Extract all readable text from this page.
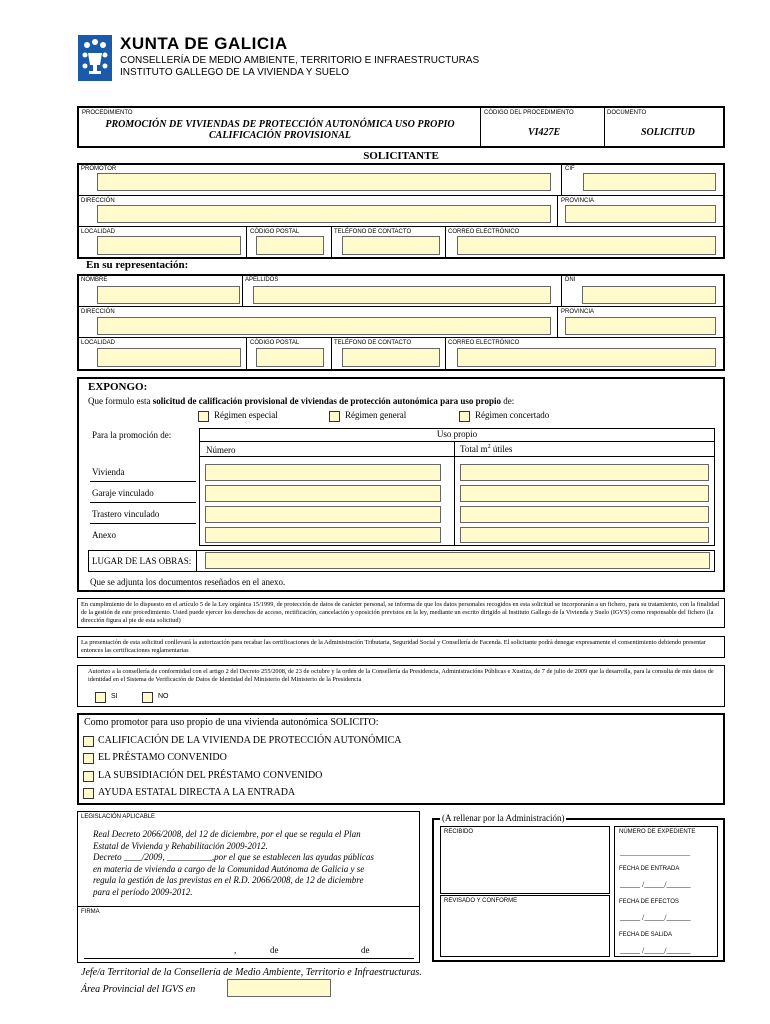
XUNTA DE GALICIA
CONSELLERÍA DE MEDIO AMBIENTE, TERRITORIO E INFRAESTRUCTURAS
INSTITUTO GALLEGO DE LA VIVIENDA Y SUELO
PROCEDIMIENTO
PROMOCIÓN DE VIVIENDAS DE PROTECCIÓN AUTONÓMICA USO PROPIO
CALIFICACIÓN PROVISIONAL
CÓDIGO DEL PROCEDIMIENTO
VI427E
DOCUMENTO
SOLICITUD
SOLICITANTE
PROMOTOR	CIF
DIRECCIÓN	PROVINCIA
LOCALIDAD	CÓDIGO POSTAL	TELÉFONO DE CONTACTO	CORREO ELECTRÓNICO
En su representación:
NOMBRE	APELLIDOS	DNI
DIRECCIÓN	PROVINCIA
LOCALIDAD	CÓDIGO POSTAL	TELÉFONO DE CONTACTO	CORREO ELECTRÓNICO
EXPONGO:
Que formulo esta solicitud de calificación provisional de viviendas de protección autonómica para uso propio de:
Régimen especial	Régimen general	Régimen concertado
Para la promoción de:	Uso propio
Número	Total $m^2$ útiles
Vivienda
Garaje vinculado
Trastero vinculado
Anexo
LUGAR DE LAS OBRAS:
Que se adjunta los documentos reseñados en el anexo.
En cumplimiento de lo dispuesto en el artículo 5 de la Ley orgánica 15/1999, de protección de datos de carácter personal, se informa de que los datos personales recogidos en esta solicitud se incorporarán a un fichero, para su tratamiento, con la finalidad de la gestión de este procedimiento. Usted puede ejercer los derechos de acceso, rectificación, cancelación y oposición previstos en la ley, mediante un escrito dirigido al Instituto Gallego de la Vivienda y Suelo (IGVS) como responsable del fichero (la dirección figura al pie de esta solicitud)
La presentación de esta solicitud conllevará la autorización para recabar las certificaciones de la Administración Tributaria, Seguridad Social y Consellería de Facenda. El solicitante podrá denegar expresamente el consentimiento debiendo presentar entonces las certificaciones reglamentarias
Autorizo a la consellería de conformidad con el artigo 2 del Decreto 255/2008, de 23 de octubre y la orden de la Consellería da Presidencia, Administracións Públicas e Xustiza, de 7 de julio de 2009 que la desarrolla, para la consulta de mis datos de identidad en el Sistema de Verificación de Datos de Identidad del Ministerio del Ministerio de la Presidencia
SI	NO
Como promotor para uso propio de una vivienda autonómica SOLICITO:
CALIFICACIÓN DE LA VIVIENDA DE PROTECCIÓN AUTONÓMICA
EL PRÉSTAMO CONVENIDO
LA SUBSIDIACIÓN DEL PRÉSTAMO CONVENIDO
AYUDA ESTATAL DIRECTA A LA ENTRADA
LEGISLACIÓN APLICABLE
Real Decreto 2066/2008, del 12 de diciembre, por el que se regula el Plan
Estatal de Vivienda y Rehabilitación 2009-2012.
Decreto ____/2009, __________,por el que se establecen las ayudas públicas
en materia de vivienda a cargo de la Comunidad Autónoma de Galicia y se
regula la gestión de las previstas en el R.D. 2066/2008, de 12 de diciembre
para el período 2009-2012.
FIRMA
,	de	de
(A rellenar por la Administración)
RECIBIDO
REVISADO Y CONFORME
NÚMERO DE EXPEDIENTE
____________________
FECHA DE ENTRADA
_____ /_____/______
FECHA DE EFECTOS
_____ /_____/______
FECHA DE SALIDA
_____ /_____/______
Jefe/a Territorial de la Consellería de Medio Ambiente, Territorio e Infraestructuras.
Área Provincial del IGVS en
